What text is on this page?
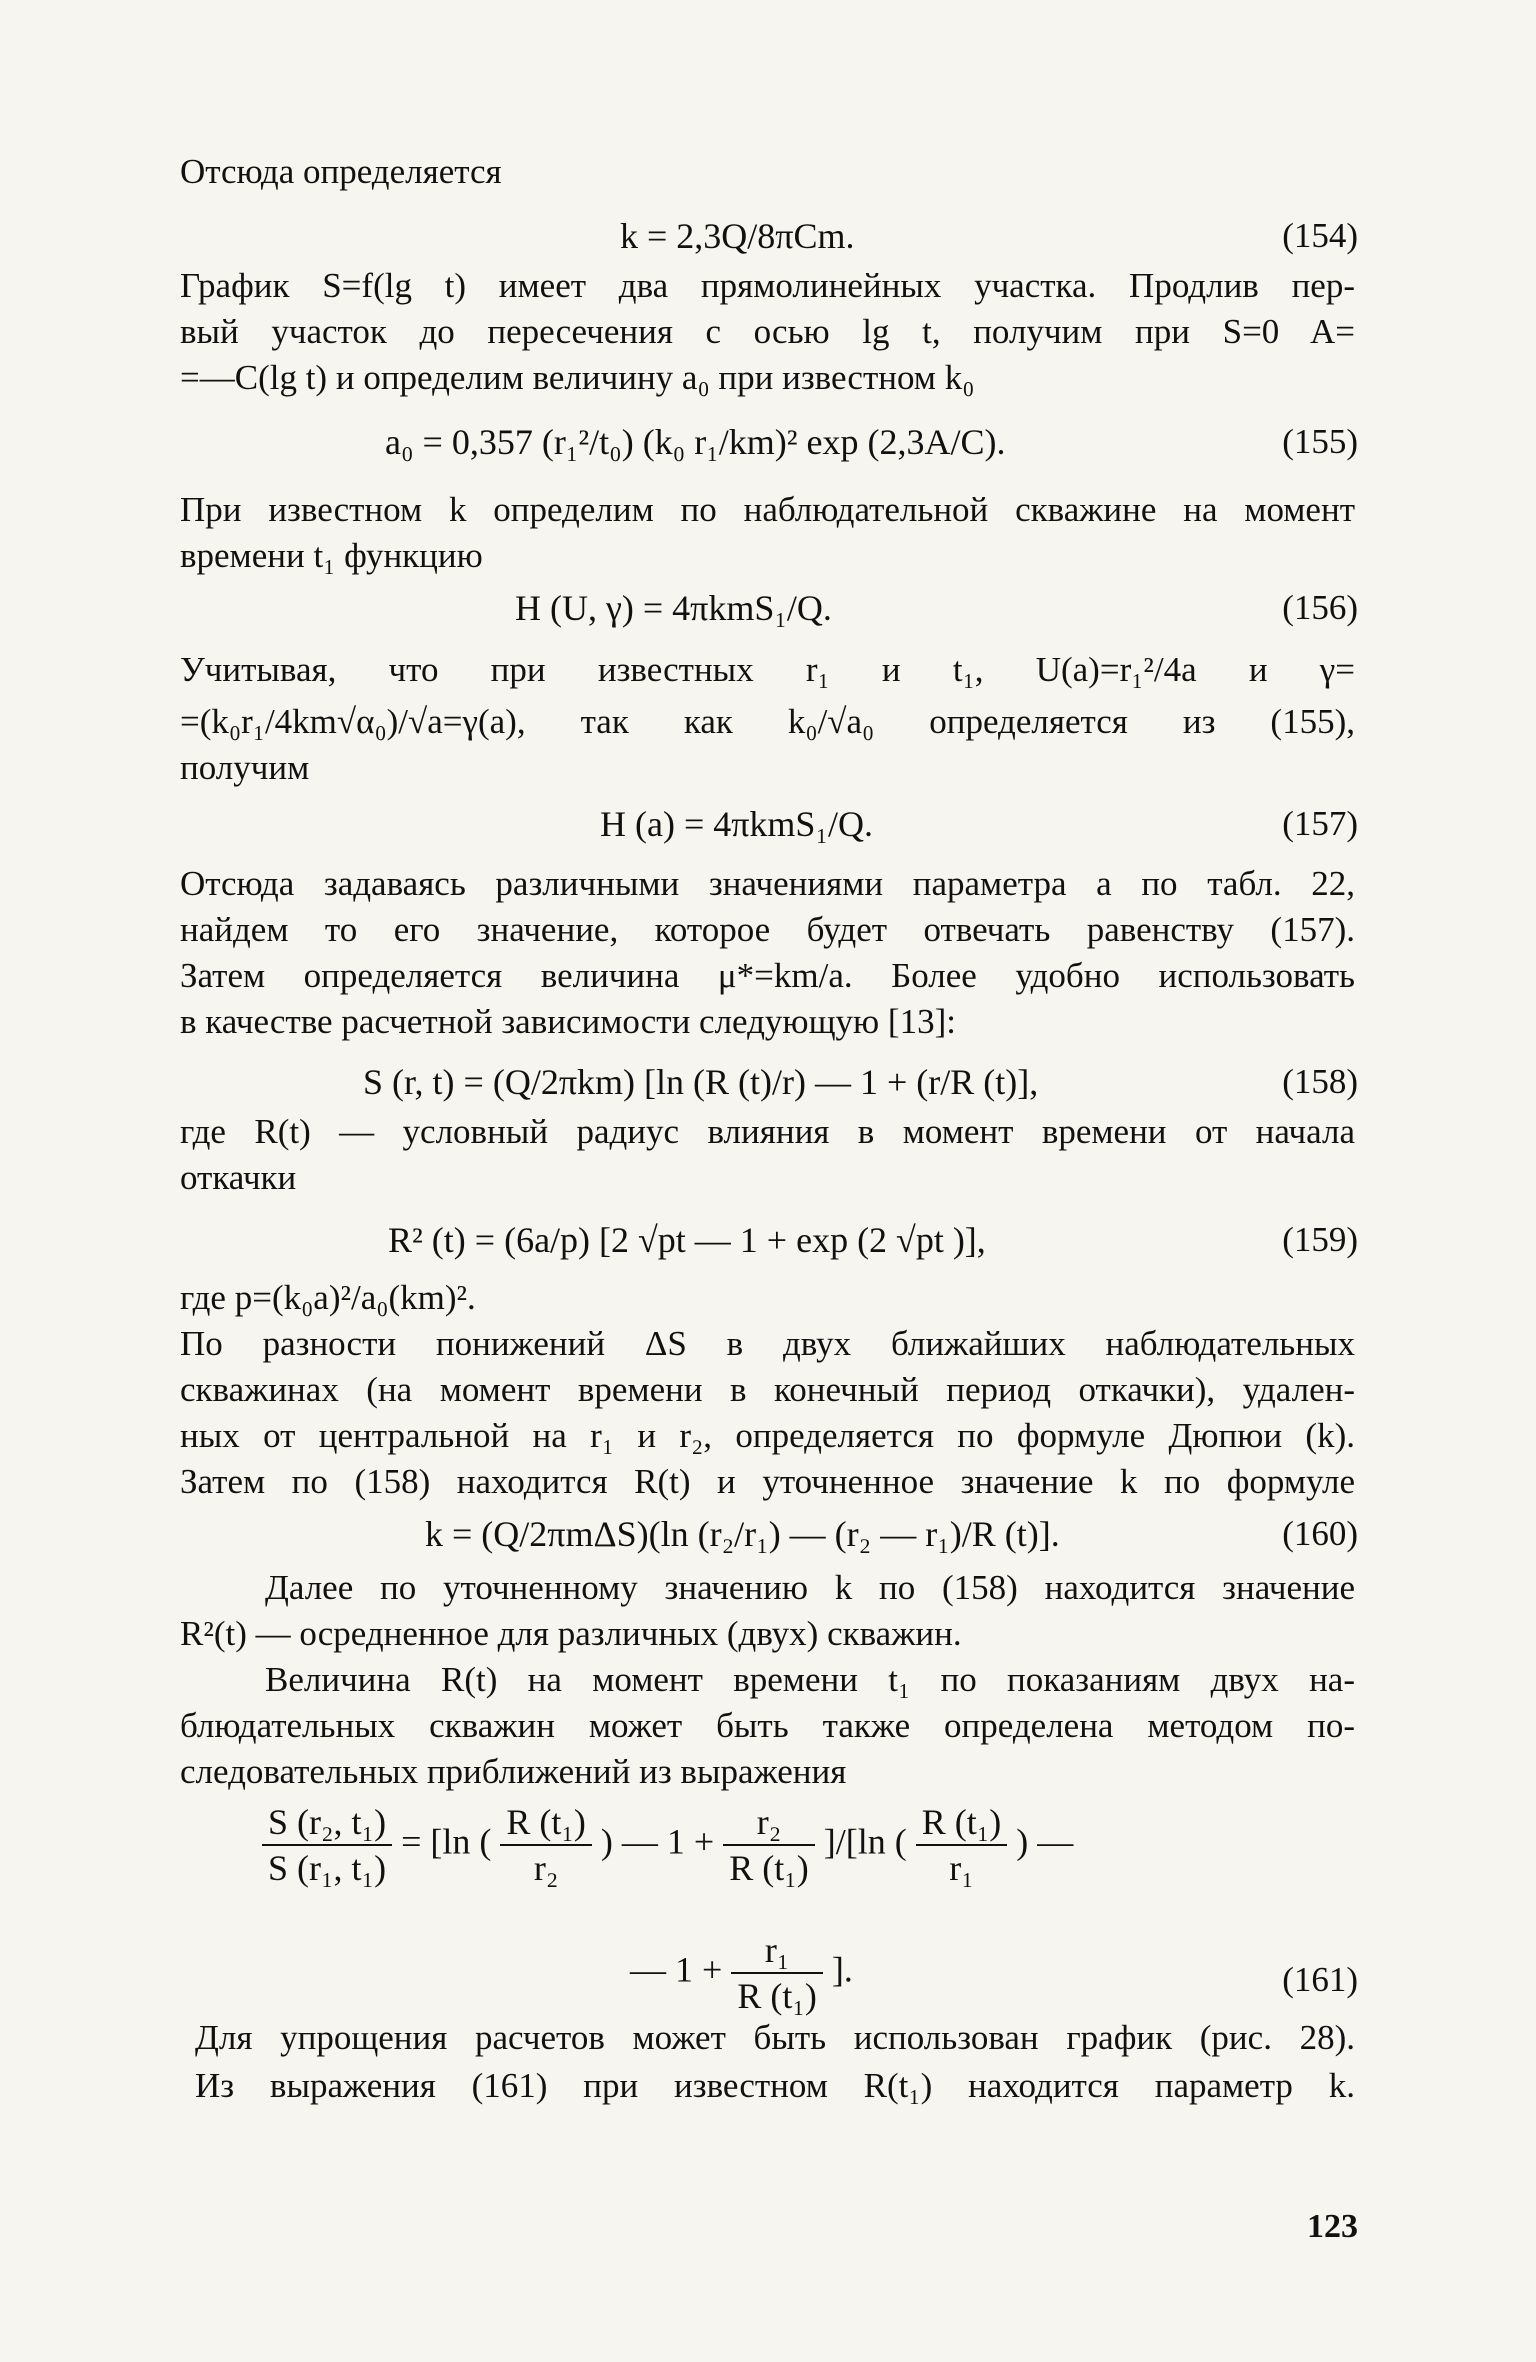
Отсюда определяется
k = 2,3Q/8πCm.	(154)
График S=f(lg t) имеет два прямолинейных участка. Продлив пер-
вый участок до пересечения с осью lg t, получим при S=0 A=
=—C(lg t) и определим величину a₀ при известном k₀
a₀ = 0,357 (r₁²/t₀) (k₀ r₁/km)² exp (2,3A/C).	(155)
При известном k определим по наблюдательной скважине на момент
времени t₁ функцию
H (U, γ) = 4πkmS₁/Q.	(156)
Учитывая, что при известных r₁ и t₁, U(a)=r₁²/4a и γ=
=(k₀r₁/4km√α₀)/√a=γ(a), так как k₀/√a₀ определяется из (155),
получим
H (a) = 4πkmS₁/Q.	(157)
Отсюда задаваясь различными значениями параметра a по табл. 22,
найдем то его значение, которое будет отвечать равенству (157).
Затем определяется величина μ*=km/a. Более удобно использовать
в качестве расчетной зависимости следующую [13]:
S (r, t) = (Q/2πkm) [ln (R (t)/r) — 1 + (r/R (t)],	(158)
где R(t) — условный радиус влияния в момент времени от начала
откачки
R² (t) = (6a/p) [2 √pt — 1 + exp (2 √pt )],	(159)
где p=(k₀a)²/a₀(km)².
По разности понижений ΔS в двух ближайших наблюдательных
скважинах (на момент времени в конечный период откачки), удален-
ных от центральной на r₁ и r₂, определяется по формуле Дюпюи (k).
Затем по (158) находится R(t) и уточненное значение k по формуле
k = (Q/2πmΔS)(ln (r₂/r₁) — (r₂ — r₁)/R (t)].	(160)
Далее по уточненному значению k по (158) находится значение
R²(t) — осредненное для различных (двух) скважин.
Величина R(t) на момент времени t₁ по показаниям двух на-
блюдательных скважин может быть также определена методом по-
следовательных приближений из выражения
$\frac{\text{S (r₂, t₁)}}{\text{S (r₁, t₁)}} = [\ln$ ( $\frac{\text{R (t₁)}}{\text{r₂}}$ ) — $1 + \frac{\text{r₂}}{\text{R (t₁)}} ]/[\ln$ ( $\frac{\text{R (t₁)}}{\text{r₁}}$ ) —
— $1 + \frac{\text{r₁}}{\text{R (t₁)}}$ ].	(161)
Для упрощения расчетов может быть использован график (рис. 28).
Из выражения (161) при известном R(t₁) находится параметр k.
123
